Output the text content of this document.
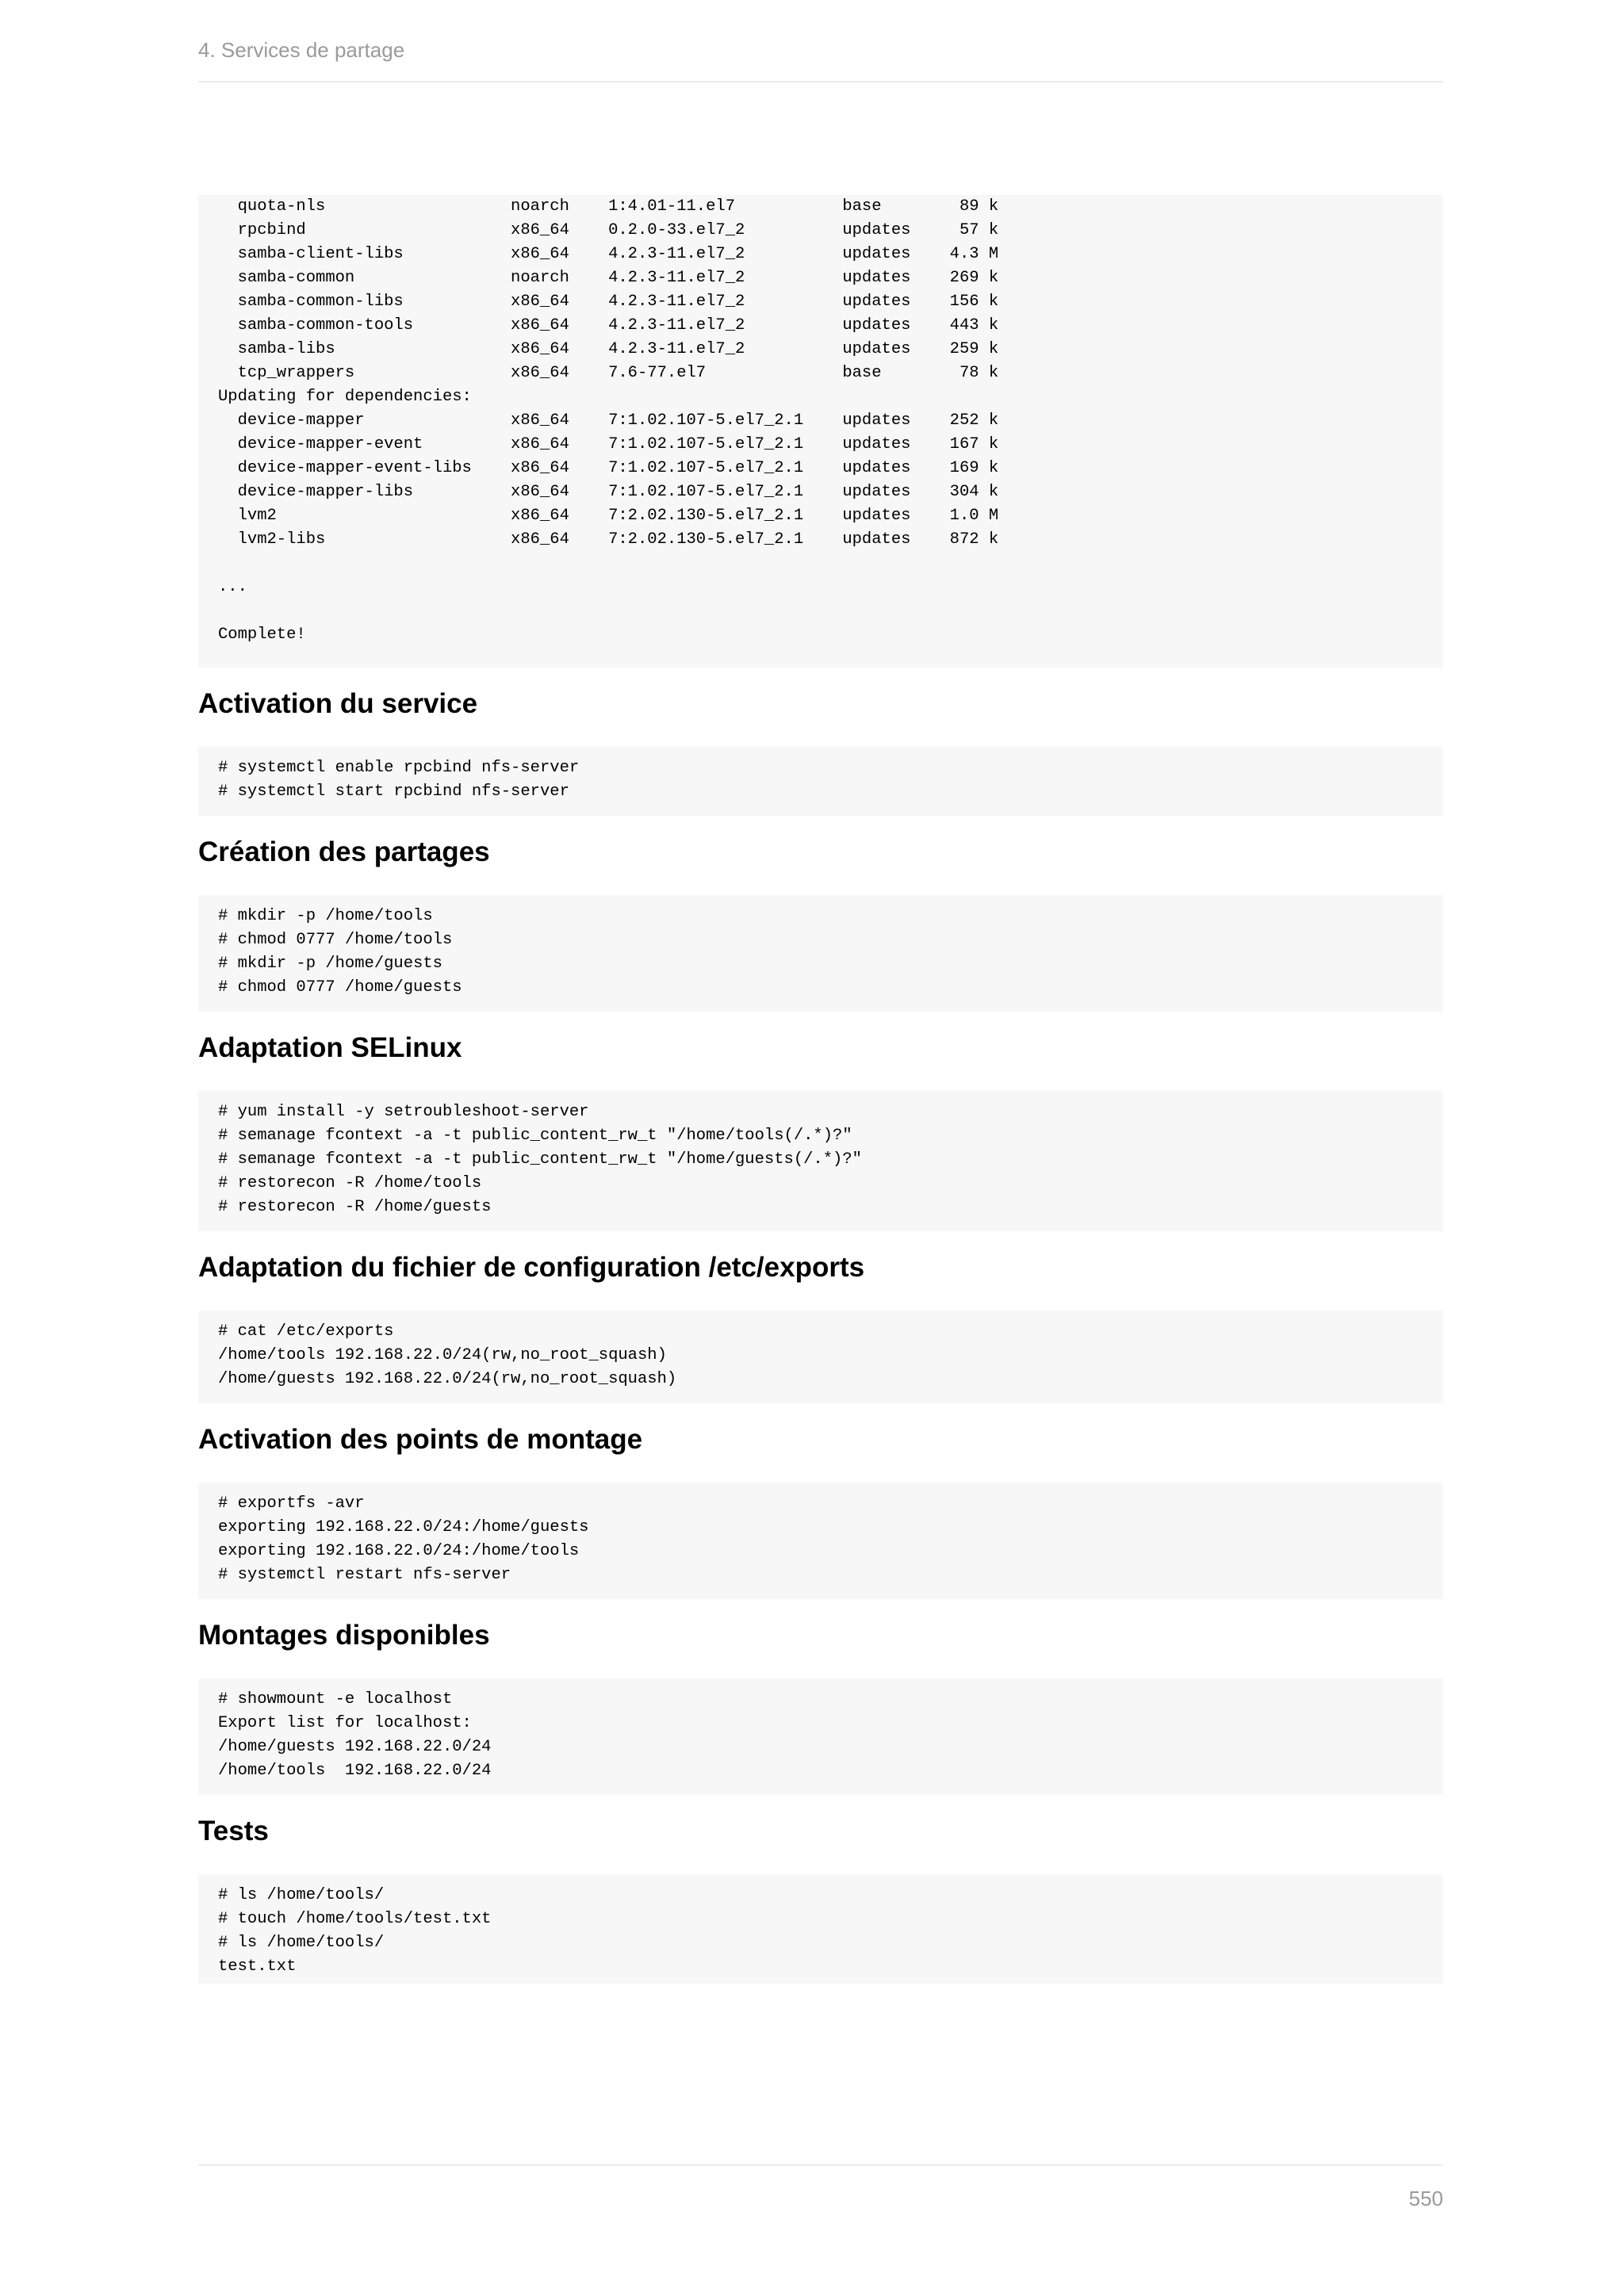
4. Services de partage
quota-nls                   noarch    1:4.01-11.el7           base        89 k
rpcbind                     x86_64    0.2.0-33.el7_2          updates     57 k
samba-client-libs           x86_64    4.2.3-11.el7_2          updates    4.3 M
samba-common                noarch    4.2.3-11.el7_2          updates    269 k
samba-common-libs           x86_64    4.2.3-11.el7_2          updates    156 k
samba-common-tools          x86_64    4.2.3-11.el7_2          updates    443 k
samba-libs                  x86_64    4.2.3-11.el7_2          updates    259 k
tcp_wrappers                x86_64    7.6-77.el7              base        78 k
Updating for dependencies:
device-mapper               x86_64    7:1.02.107-5.el7_2.1    updates    252 k
device-mapper-event         x86_64    7:1.02.107-5.el7_2.1    updates    167 k
device-mapper-event-libs    x86_64    7:1.02.107-5.el7_2.1    updates    169 k
device-mapper-libs          x86_64    7:1.02.107-5.el7_2.1    updates    304 k
lvm2                        x86_64    7:2.02.130-5.el7_2.1    updates    1.0 M
lvm2-libs                   x86_64    7:2.02.130-5.el7_2.1    updates    872 k

...

Complete!
Activation du service
# systemctl enable rpcbind nfs-server
# systemctl start rpcbind nfs-server
Création des partages
# mkdir -p /home/tools
# chmod 0777 /home/tools
# mkdir -p /home/guests
# chmod 0777 /home/guests
Adaptation SELinux
# yum install -y setroubleshoot-server
# semanage fcontext -a -t public_content_rw_t "/home/tools(/.*)?"
# semanage fcontext -a -t public_content_rw_t "/home/guests(/.*)?"
# restorecon -R /home/tools
# restorecon -R /home/guests
Adaptation du fichier de configuration /etc/exports
# cat /etc/exports
/home/tools 192.168.22.0/24(rw,no_root_squash)
/home/guests 192.168.22.0/24(rw,no_root_squash)
Activation des points de montage
# exportfs -avr
exporting 192.168.22.0/24:/home/guests
exporting 192.168.22.0/24:/home/tools
# systemctl restart nfs-server
Montages disponibles
# showmount -e localhost
Export list for localhost:
/home/guests 192.168.22.0/24
/home/tools  192.168.22.0/24
Tests
# ls /home/tools/
# touch /home/tools/test.txt
# ls /home/tools/
test.txt
550
